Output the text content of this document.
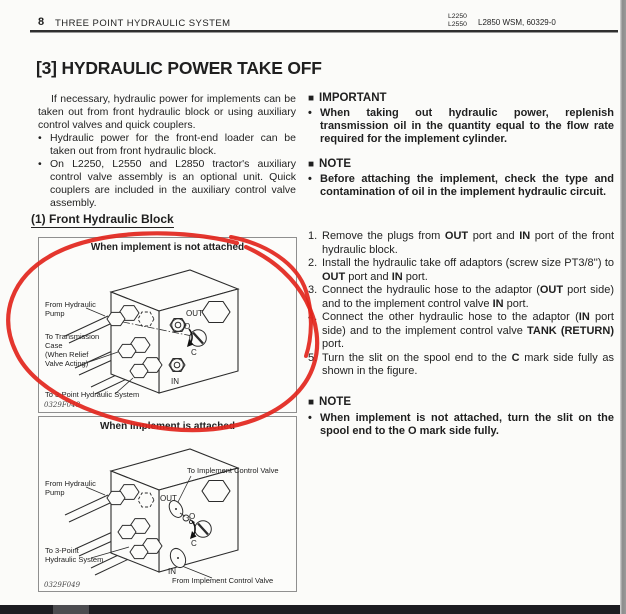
8 THREE POINT HYDRAULIC SYSTEM
L2250
L2550 L2850 WSM, 60329-0
[3] HYDRAULIC POWER TAKE OFF

If necessary, hydraulic power for implements can be taken out from front hydraulic block or using auxiliary control valves and quick couplers.

• Hydraulic power for the front-end loader can be taken out from front hydraulic block.
• On L2250, L2550 and L2850 tractor's auxiliary control valve assembly is an optional unit. Quick couplers are included in the auxiliary control valve assembly.
■ IMPORTANT
• When taking out hydraulic power, replenish transmission oil in the quantity equal to the flow rate required for the implement cylinder.
■ NOTE
• Before attaching the implement, check the type and contamination of oil in the implement hydraulic circuit.
(1) Front Hydraulic Block
1. Remove the plugs from OUT port and IN port of the front hydraulic block.
2. Install the hydraulic take off adaptors (screw size PT3/8'') to OUT port and IN port.
3. Connect the hydraulic hose to the adaptor (OUT port side) and to the implement control valve IN port.
4. Connect the other hydraulic hose to the adaptor (IN port side) and to the implement control valve TANK (RETURN) port.
5. Turn the slit on the spool end to the C mark side fully as shown in the figure.
■ NOTE
• When implement is not attached, turn the slit on the spool end to the O mark side fully.
From Hydraulic
Pump
To Transmission
Case
(When Relief
Valve Acting)
To 3-Point Hydraulic System
OUT
O
C
IN
0329F048
When implement is not attached
To Implement Control Valve
From Hydraulic
Pump
To 3-Point
Hydraulic System
OUT
O
C
IN
From Implement Control Valve
0329F049
When implement is attached
